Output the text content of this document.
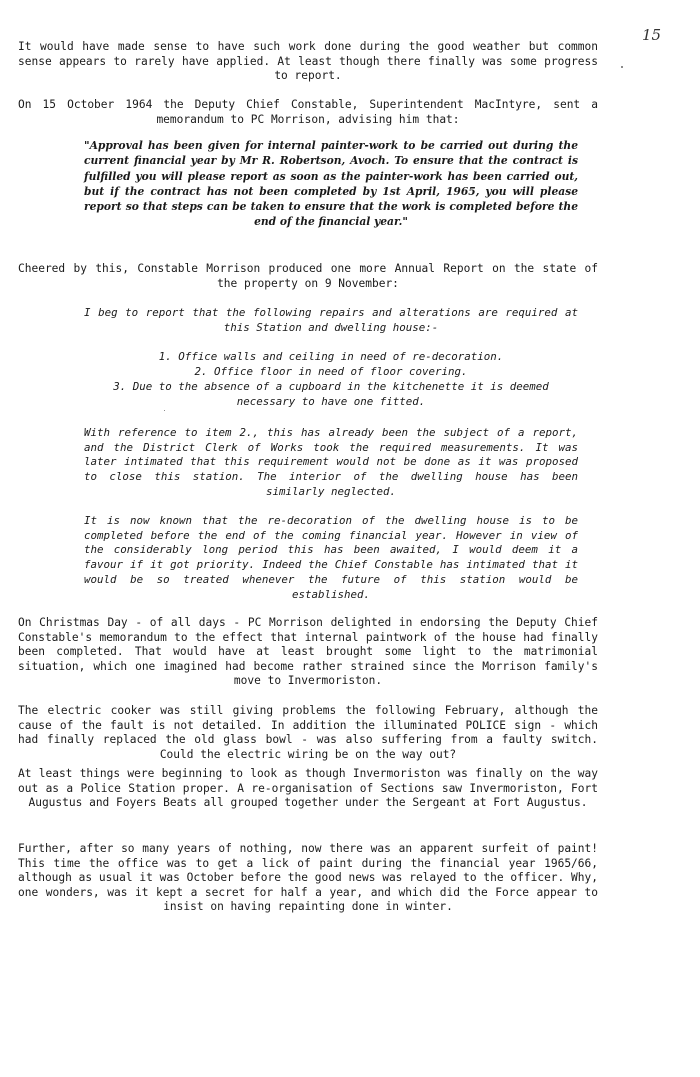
15

It would have made sense to have such work done during the good weather but common sense appears to rarely have applied. At least though there finally was some progress to report.

On 15 October 1964 the Deputy Chief Constable, Superintendent MacIntyre, sent a memorandum to PC Morrison, advising him that:

"Approval has been given for internal painter-work to be carried out during the current financial year by Mr R. Robertson, Avoch. To ensure that the contract is fulfilled you will please report as soon as the painter-work has been carried out, but if the contract has not been completed by 1st April, 1965, you will please report so that steps can be taken to ensure that the work is completed before the end of the financial year."

Cheered by this, Constable Morrison produced one more Annual Report on the state of the property on 9 November:

I beg to report that the following repairs and alterations are required at this Station and dwelling house:-

1. Office walls and ceiling in need of re-decoration.
2. Office floor in need of floor covering.
3. Due to the absence of a cupboard in the kitchenette it is deemed necessary to have one fitted.

With reference to item 2., this has already been the subject of a report, and the District Clerk of Works took the required measurements. It was later intimated that this requirement would not be done as it was proposed to close this station. The interior of the dwelling house has been similarly neglected.

It is now known that the re-decoration of the dwelling house is to be completed before the end of the coming financial year. However in view of the considerably long period this has been awaited, I would deem it a favour if it got priority. Indeed the Chief Constable has intimated that it would be so treated whenever the future of this station would be established.

On Christmas Day - of all days - PC Morrison delighted in endorsing the Deputy Chief Constable's memorandum to the effect that internal paintwork of the house had finally been completed. That would have at least brought some light to the matrimonial situation, which one imagined had become rather strained since the Morrison family's move to Invermoriston.

The electric cooker was still giving problems the following February, although the cause of the fault is not detailed. In addition the illuminated POLICE sign - which had finally replaced the old glass bowl - was also suffering from a faulty switch. Could the electric wiring be on the way out?

At least things were beginning to look as though Invermoriston was finally on the way out as a Police Station proper. A re-organisation of Sections saw Invermoriston, Fort Augustus and Foyers Beats all grouped together under the Sergeant at Fort Augustus.

Further, after so many years of nothing, now there was an apparent surfeit of paint! This time the office was to get a lick of paint during the financial year 1965/66, although as usual it was October before the good news was relayed to the officer. Why, one wonders, was it kept a secret for half a year, and which did the Force appear to insist on having repainting done in winter.
